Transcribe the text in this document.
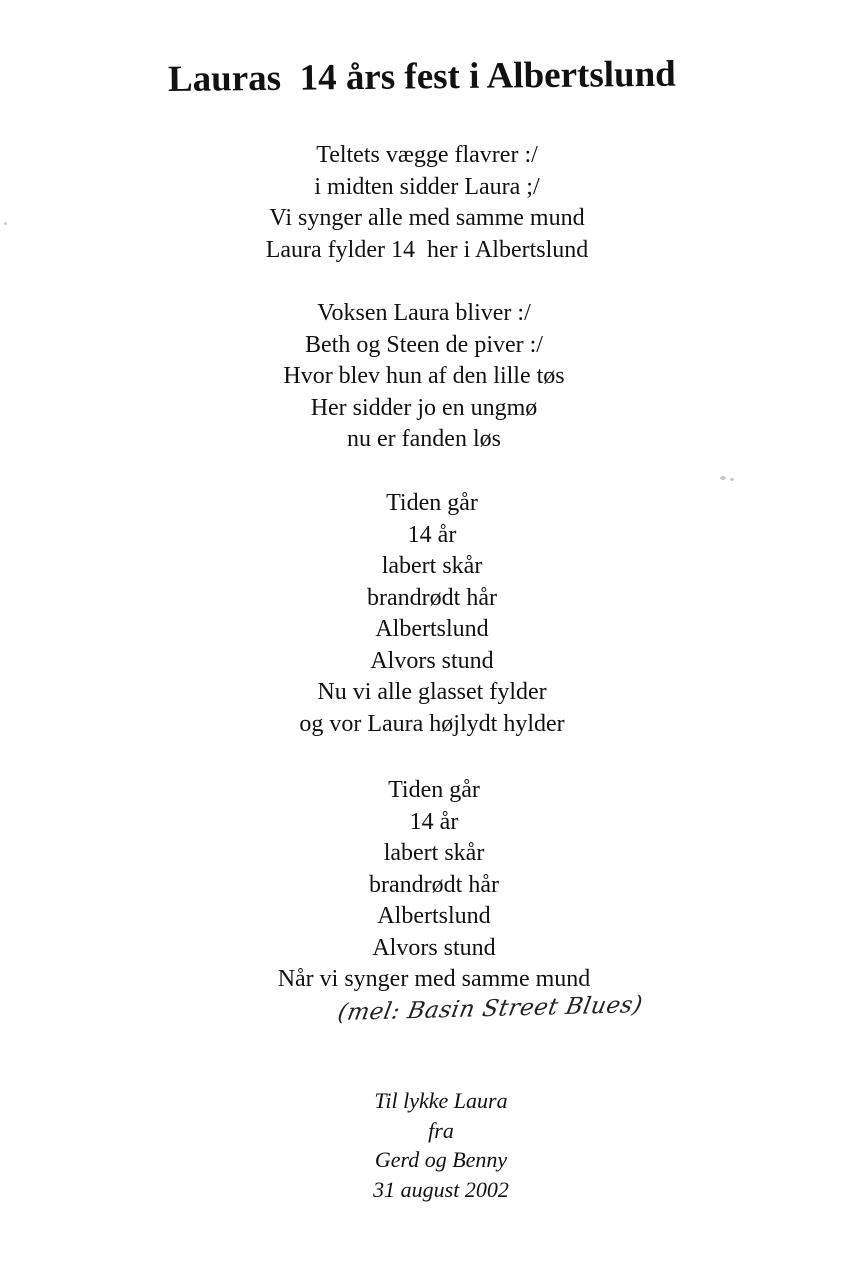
Lauras  14 års fest i Albertslund
Teltets vægge flavrer :/
i midten sidder Laura ;/
Vi synger alle med samme mund
Laura fylder 14  her i Albertslund
Voksen Laura bliver :/
Beth og Steen de piver :/
Hvor blev hun af den lille tøs
Her sidder jo en ungmø
nu er fanden løs
Tiden går
14 år
labert skår
brandrødt hår
Albertslund
Alvors stund
Nu vi alle glasset fylder
og vor Laura højlydt hylder
Tiden går
14 år
labert skår
brandrødt hår
Albertslund
Alvors stund
Når vi synger med samme mund
(mel: Basin Street Blues)
Til lykke Laura
fra
Gerd og Benny
31 august 2002
